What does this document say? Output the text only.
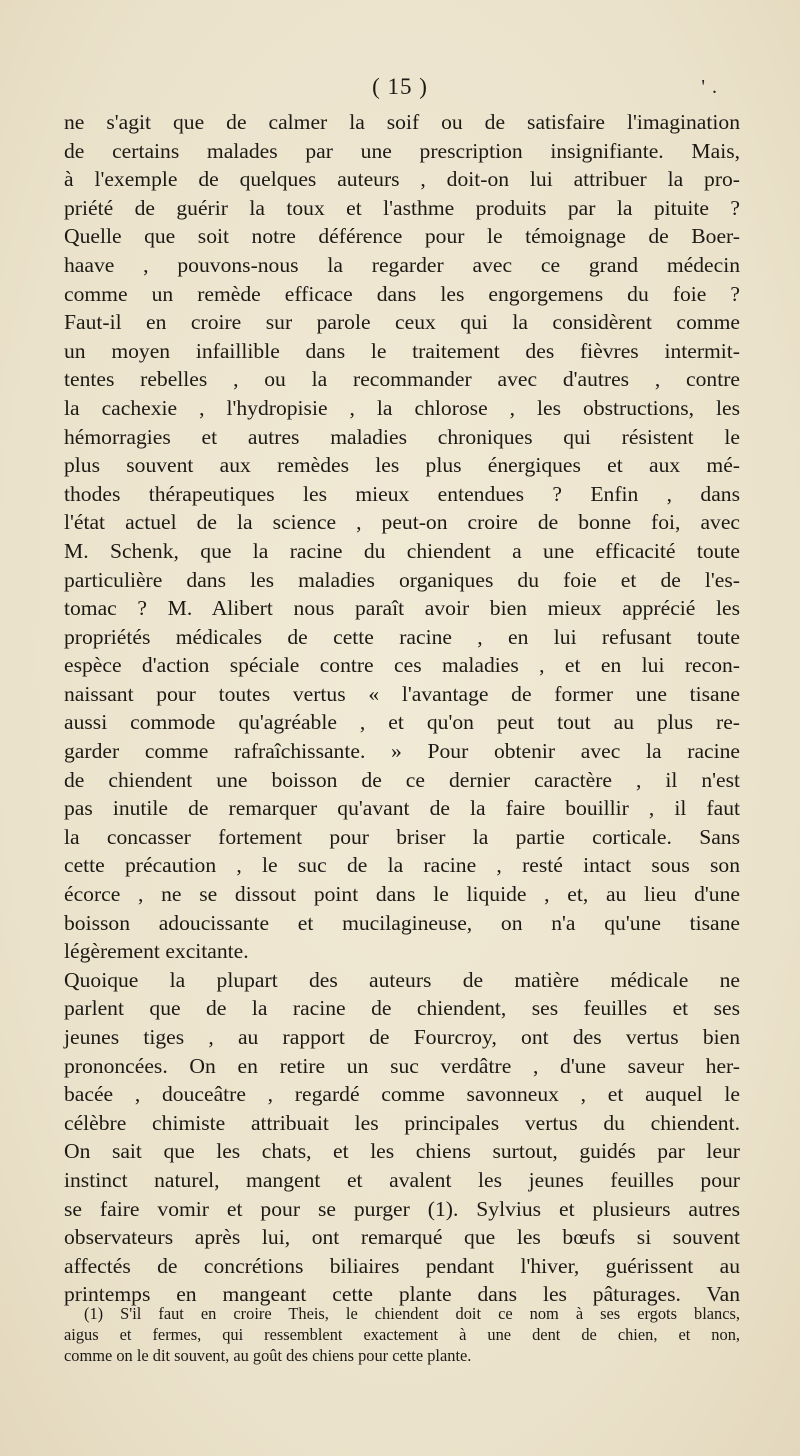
( 15 )	' .
ne s'agit que de calmer la soif ou de satisfaire l'imagination
de certains malades par une prescription insignifiante. Mais,
à l'exemple de quelques auteurs , doit-on lui attribuer la pro-
priété de guérir la toux et l'asthme produits par la pituite ?
Quelle que soit notre déférence pour le témoignage de Boer-
haave , pouvons-nous la regarder avec ce grand médecin
comme un remède efficace dans les engorgemens du foie ?
Faut-il en croire sur parole ceux qui la considèrent comme
un moyen infaillible dans le traitement des fièvres intermit-
tentes rebelles , ou la recommander avec d'autres , contre
la cachexie , l'hydropisie , la chlorose , les obstructions, les
hémorragies et autres maladies chroniques qui résistent le
plus souvent aux remèdes les plus énergiques et aux mé-
thodes thérapeutiques les mieux entendues ? Enfin , dans
l'état actuel de la science , peut-on croire de bonne foi, avec
M. Schenk, que la racine du chiendent a une efficacité toute
particulière dans les maladies organiques du foie et de l'es-
tomac ? M. Alibert nous paraît avoir bien mieux apprécié les
propriétés médicales de cette racine , en lui refusant toute
espèce d'action spéciale contre ces maladies , et en lui recon-
naissant pour toutes vertus « l'avantage de former une tisane
aussi commode qu'agréable , et qu'on peut tout au plus re-
garder comme rafraîchissante. » Pour obtenir avec la racine
de chiendent une boisson de ce dernier caractère , il n'est
pas inutile de remarquer qu'avant de la faire bouillir , il faut
la concasser fortement pour briser la partie corticale. Sans
cette précaution , le suc de la racine , resté intact sous son
écorce , ne se dissout point dans le liquide , et, au lieu d'une
boisson adoucissante et mucilagineuse, on n'a qu'une tisane
légèrement excitante.
Quoique la plupart des auteurs de matière médicale ne
parlent que de la racine de chiendent, ses feuilles et ses
jeunes tiges , au rapport de Fourcroy, ont des vertus bien
prononcées. On en retire un suc verdâtre , d'une saveur her-
bacée , douceâtre , regardé comme savonneux , et auquel le
célèbre chimiste attribuait les principales vertus du chiendent.
On sait que les chats, et les chiens surtout, guidés par leur
instinct naturel, mangent et avalent les jeunes feuilles pour
se faire vomir et pour se purger (1). Sylvius et plusieurs autres
observateurs après lui, ont remarqué que les bœufs si souvent
affectés de concrétions biliaires pendant l'hiver, guérissent au
printemps en mangeant cette plante dans les pâturages. Van
(1) S'il faut en croire Theis, le chiendent doit ce nom à ses ergots blancs,
aigus et fermes, qui ressemblent exactement à une dent de chien, et non,
comme on le dit souvent, au goût des chiens pour cette plante.
